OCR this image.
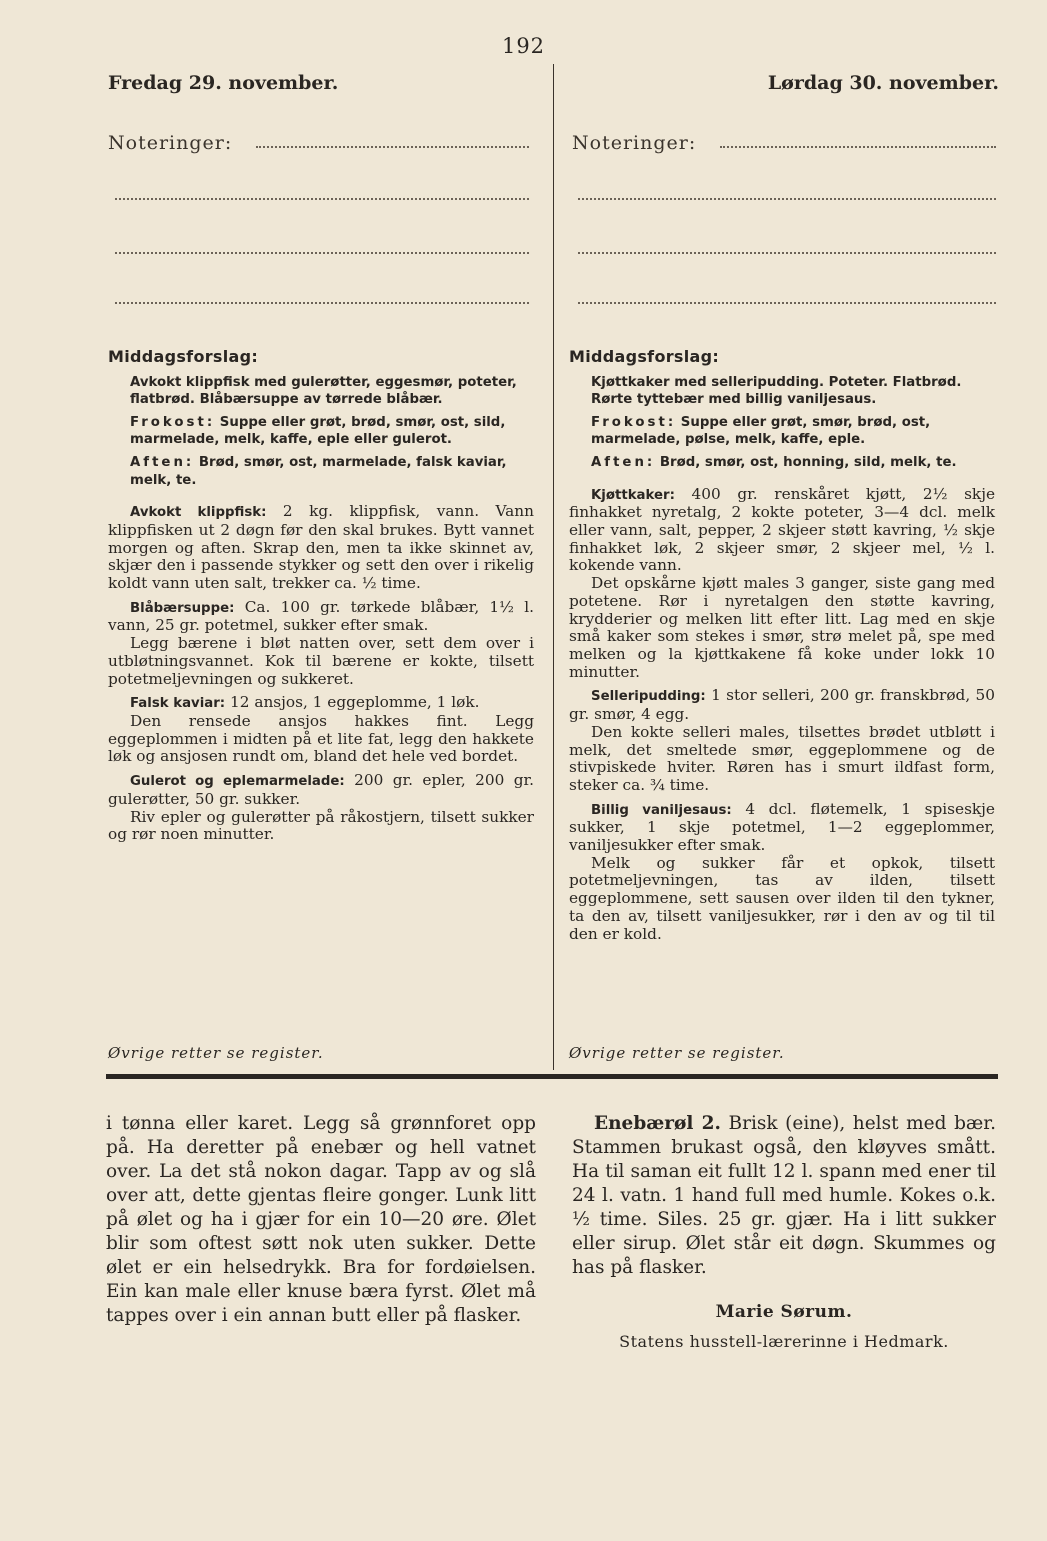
192
Fredag 29. november.	Lørdag 30. november.
Noteringer:	Noteringer:

Middagsforslag:

Avkokt klippfisk med gulerøtter, eggesmør, poteter, flatbrød. Blåbærsuppe av tørrede blåbær.

Frokost: Suppe eller grøt, brød, smør, ost, sild, marmelade, melk, kaffe, eple eller gulerot.

Aften: Brød, smør, ost, marmelade, falsk kaviar, melk, te.

Avkokt klippfisk: 2 kg. klippfisk, vann. Vann klippfisken ut 2 døgn før den skal brukes. Bytt vannet morgen og aften. Skrap den, men ta ikke skinnet av, skjær den i passende stykker og sett den over i rikelig koldt vann uten salt, trekker ca. ½ time.

Blåbærsuppe: Ca. 100 gr. tørkede blåbær, 1½ l. vann, 25 gr. potetmel, sukker efter smak.

Legg bærene i bløt natten over, sett dem over i utbløtningsvannet. Kok til bærene er kokte, tilsett potetmeljevningen og sukkeret.

Falsk kaviar: 12 ansjos, 1 eggeplomme, 1 løk.

Den rensede ansjos hakkes fint. Legg eggeplommen i midten på et lite fat, legg den hakkete løk og ansjosen rundt om, bland det hele ved bordet.

Gulerot og eplemarmelade: 200 gr. epler, 200 gr. gulerøtter, 50 gr. sukker.

Riv epler og gulerøtter på råkostjern, tilsett sukker og rør noen minutter.

Middagsforslag:

Kjøttkaker med selleripudding. Poteter. Flatbrød. Rørte tyttebær med billig vaniljesaus.

Frokost: Suppe eller grøt, smør, brød, ost, marmelade, pølse, melk, kaffe, eple.

Aften: Brød, smør, ost, honning, sild, melk, te.

Kjøttkaker: 400 gr. renskåret kjøtt, 2½ skje finhakket nyretalg, 2 kokte poteter, 3—4 dcl. melk eller vann, salt, pepper, 2 skjeer støtt kavring, ½ skje finhakket løk, 2 skjeer smør, 2 skjeer mel, ½ l. kokende vann.

Det opskårne kjøtt males 3 ganger, siste gang med potetene. Rør i nyretalgen den støtte kavring, krydderier og melken litt efter litt. Lag med en skje små kaker som stekes i smør, strø melet på, spe med melken og la kjøttkakene få koke under lokk 10 minutter.

Selleripudding: 1 stor selleri, 200 gr. franskbrød, 50 gr. smør, 4 egg.

Den kokte selleri males, tilsettes brødet utbløtt i melk, det smeltede smør, eggeplommene og de stivpiskede hviter. Røren has i smurt ildfast form, steker ca. ¾ time.

Billig vaniljesaus: 4 dcl. fløtemelk, 1 spiseskje sukker, 1 skje potetmel, 1—2 eggeplommer, vaniljesukker efter smak.

Melk og sukker får et opkok, tilsett potetmeljevningen, tas av ilden, tilsett eggeplommene, sett sausen over ilden til den tykner, ta den av, tilsett vaniljesukker, rør i den av og til til den er kold.

Øvrige retter se register.	Øvrige retter se register.
i tønna eller karet. Legg så grønnforet opp på. Ha deretter på enebær og hell vatnet over. La det stå nokon dagar. Tapp av og slå over att, dette gjentas fleire gonger. Lunk litt på ølet og ha i gjær for ein 10—20 øre. Ølet blir som oftest søtt nok uten sukker. Dette ølet er ein helsedrykk. Bra for fordøielsen. Ein kan male eller knuse bæra fyrst. Ølet må tappes over i ein annan butt eller på flasker.
Enebærøl 2. Brisk (eine), helst med bær. Stammen brukast også, den kløyves smått. Ha til saman eit fullt 12 l. spann med ener til 24 l. vatn. 1 hand full med humle. Kokes o.k. ½ time. Siles. 25 gr. gjær. Ha i litt sukker eller sirup. Ølet står eit døgn. Skummes og has på flasker.
Marie Sørum.
Statens husstell-lærerinne i Hedmark.
